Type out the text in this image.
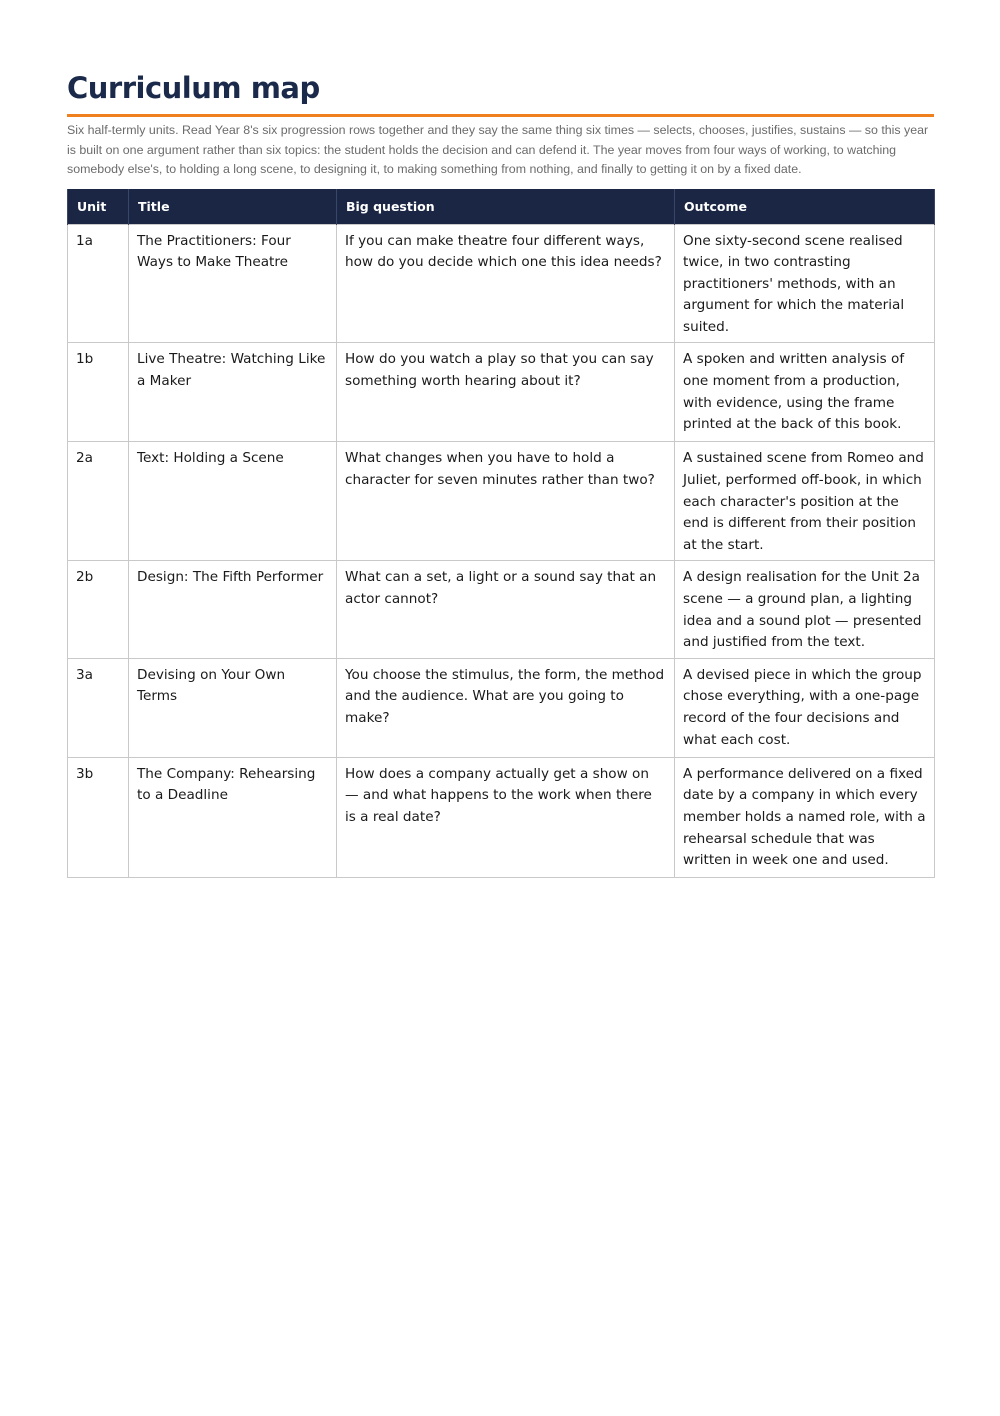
Curriculum map

Six half-termly units. Read Year 8's six progression rows together and they say the same thing six times — selects, chooses, justifies, sustains — so this year is built on one argument rather than six topics: the student holds the decision and can defend it. The year moves from four ways of working, to watching somebody else's, to holding a long scene, to designing it, to making something from nothing, and finally to getting it on by a fixed date.

Unit	Title	Big question	Outcome
1a	The Practitioners: Four Ways to Make Theatre	If you can make theatre four different ways, how do you decide which one this idea needs?	One sixty-second scene realised twice, in two contrasting practitioners' methods, with an argument for which the material suited.
1b	Live Theatre: Watching Like a Maker	How do you watch a play so that you can say something worth hearing about it?	A spoken and written analysis of one moment from a production, with evidence, using the frame printed at the back of this book.
2a	Text: Holding a Scene	What changes when you have to hold a character for seven minutes rather than two?	A sustained scene from Romeo and Juliet, performed off-book, in which each character's position at the end is different from their position at the start.
2b	Design: The Fifth Performer	What can a set, a light or a sound say that an actor cannot?	A design realisation for the Unit 2a scene — a ground plan, a lighting idea and a sound plot — presented and justified from the text.
3a	Devising on Your Own Terms	You choose the stimulus, the form, the method and the audience. What are you going to make?	A devised piece in which the group chose everything, with a one-page record of the four decisions and what each cost.
3b	The Company: Rehearsing to a Deadline	How does a company actually get a show on — and what happens to the work when there is a real date?	A performance delivered on a fixed date by a company in which every member holds a named role, with a rehearsal schedule that was written in week one and used.
